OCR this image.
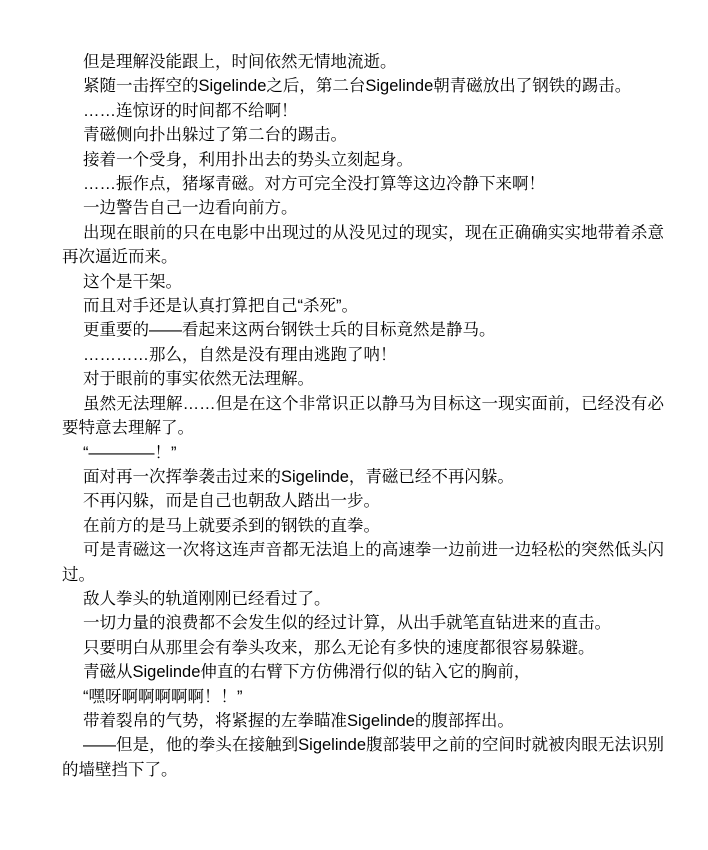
但是理解没能跟上，时间依然无情地流逝。

紧随一击挥空的Sigelinde之后，第二台Sigelinde朝青磁放出了钢铁的踢击。

……连惊讶的时间都不给啊！

青磁侧向扑出躲过了第二台的踢击。

接着一个受身，利用扑出去的势头立刻起身。

……振作点，猪塚青磁。对方可完全没打算等这边冷静下来啊！

一边警告自己一边看向前方。

出现在眼前的只在电影中出现过的从没见过的现实，现在正确确实实地带着杀意再次逼近而来。

这个是干架。

而且对手还是认真打算把自己“杀死”。

更重要的——看起来这两台钢铁士兵的目标竟然是静马。

…………那么，自然是没有理由逃跑了呐！

对于眼前的事实依然无法理解。

虽然无法理解……但是在这个非常识正以静马为目标这一现实面前，已经没有必要特意去理解了。

“————！”

面对再一次挥拳袭击过来的Sigelinde，青磁已经不再闪躲。

不再闪躲，而是自己也朝敌人踏出一步。

在前方的是马上就要杀到的钢铁的直拳。

可是青磁这一次将这连声音都无法追上的高速拳一边前进一边轻松的突然低头闪过。

敌人拳头的轨道刚刚已经看过了。

一切力量的浪费都不会发生似的经过计算，从出手就笔直钻进来的直击。

只要明白从那里会有拳头攻来，那么无论有多快的速度都很容易躲避。

青磁从Sigelinde伸直的右臂下方仿佛滑行似的钻入它的胸前，

“嘿呀啊啊啊啊啊！！”

带着裂帛的气势，将紧握的左拳瞄准Sigelinde的腹部挥出。

——但是，他的拳头在接触到Sigelinde腹部装甲之前的空间时就被肉眼无法识别的墙壁挡下了。
